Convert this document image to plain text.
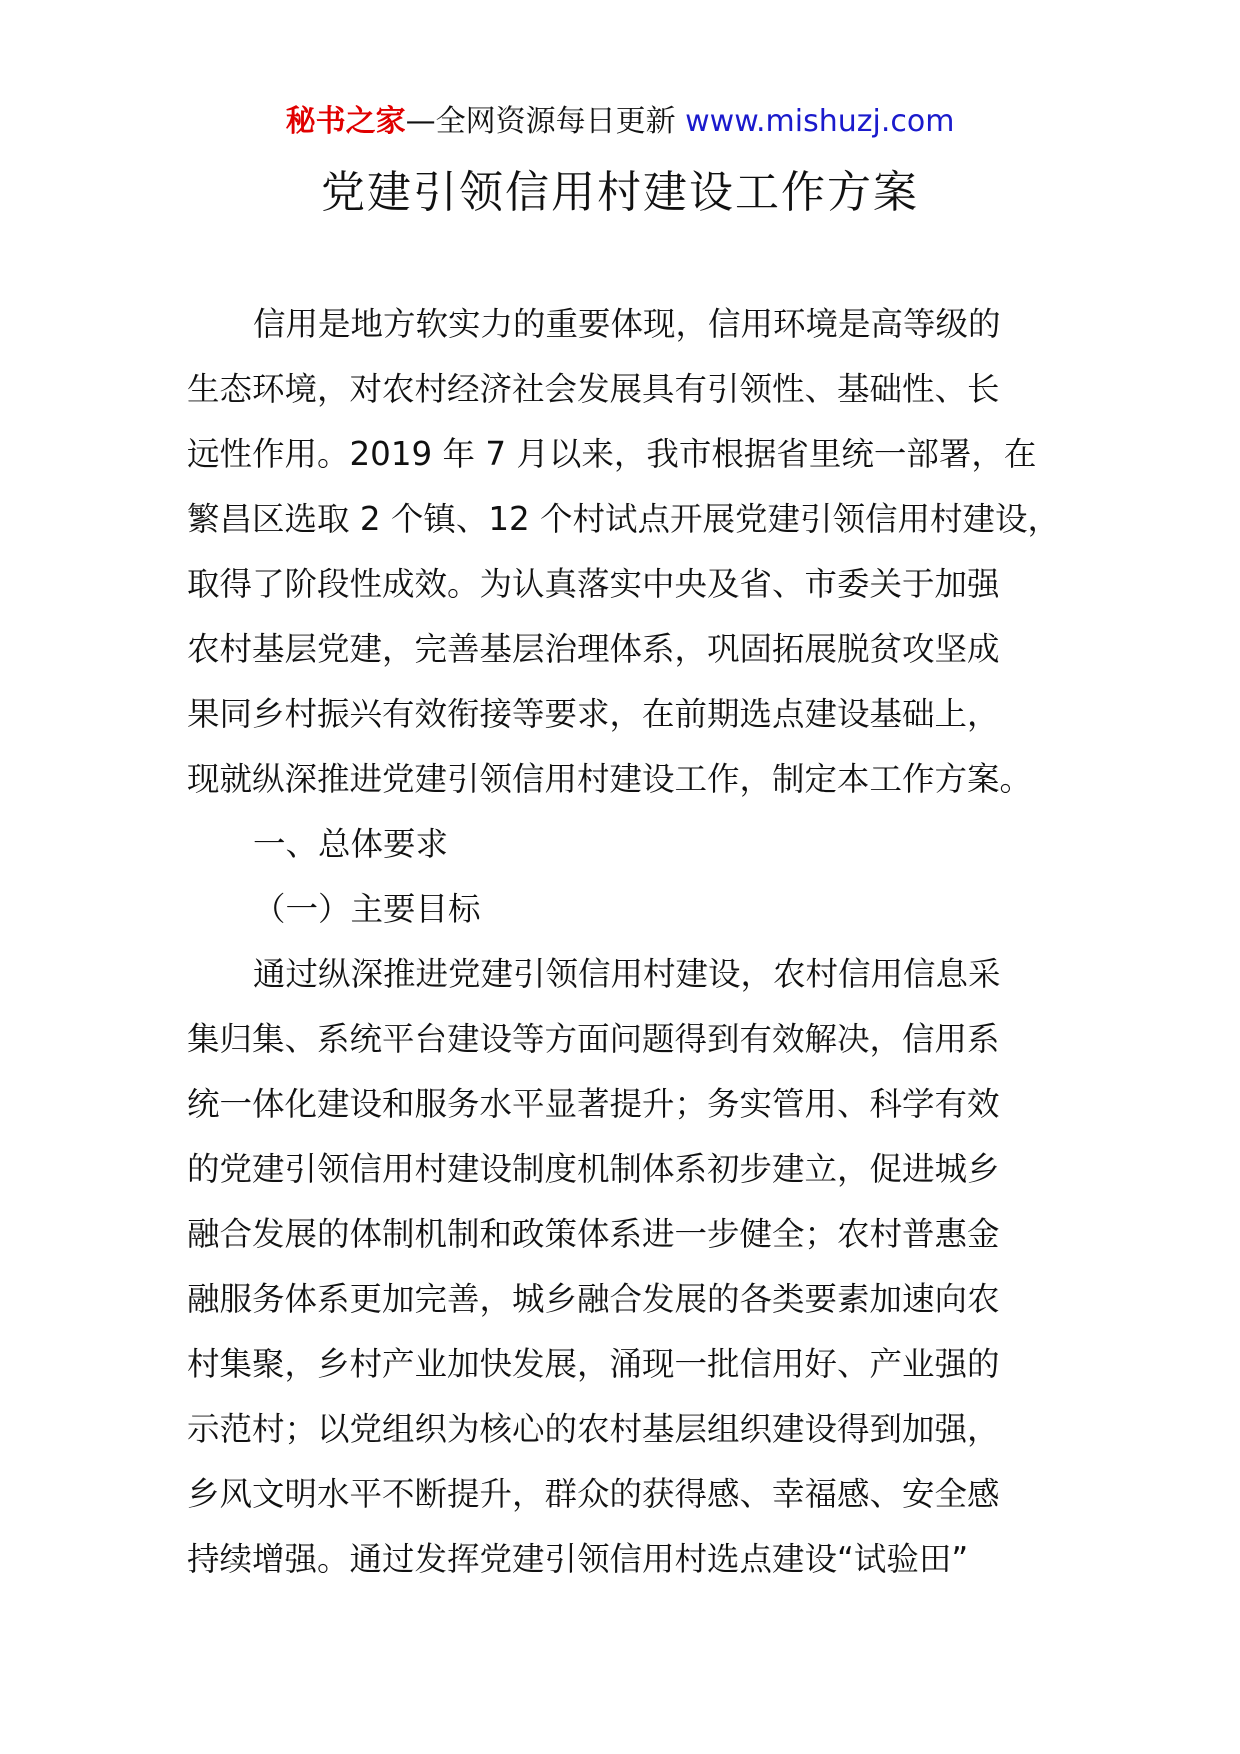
秘书之家—全网资源每日更新 www.mishuzj.com
党建引领信用村建设工作方案

信用是地方软实力的重要体现，信用环境是高等级的
生态环境，对农村经济社会发展具有引领性、基础性、长
远性作用。2019 年 7 月以来，我市根据省里统一部署，在
繁昌区选取 2 个镇、12 个村试点开展党建引领信用村建设，
取得了阶段性成效。为认真落实中央及省、市委关于加强
农村基层党建，完善基层治理体系，巩固拓展脱贫攻坚成
果同乡村振兴有效衔接等要求，在前期选点建设基础上，
现就纵深推进党建引领信用村建设工作，制定本工作方案。

一、总体要求
（一）主要目标

通过纵深推进党建引领信用村建设，农村信用信息采
集归集、系统平台建设等方面问题得到有效解决，信用系
统一体化建设和服务水平显著提升；务实管用、科学有效
的党建引领信用村建设制度机制体系初步建立，促进城乡
融合发展的体制机制和政策体系进一步健全；农村普惠金
融服务体系更加完善，城乡融合发展的各类要素加速向农
村集聚，乡村产业加快发展，涌现一批信用好、产业强的
示范村；以党组织为核心的农村基层组织建设得到加强，
乡风文明水平不断提升，群众的获得感、幸福感、安全感
持续增强。通过发挥党建引领信用村选点建设“试验田”
